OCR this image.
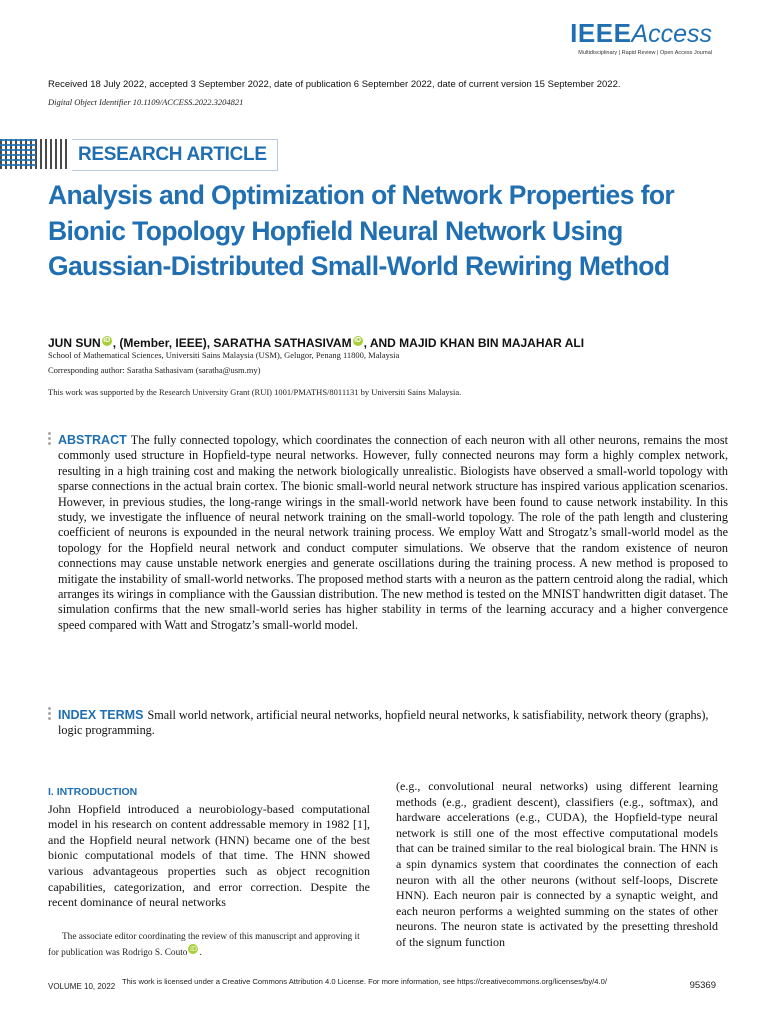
IEEEAccess
Multidisciplinary | Rapid Review | Open Access Journal
Received 18 July 2022, accepted 3 September 2022, date of publication 6 September 2022, date of current version 15 September 2022.
Digital Object Identifier 10.1109/ACCESS.2022.3204821
RESEARCH ARTICLE
Analysis and Optimization of Network Properties for Bionic Topology Hopfield Neural Network Using Gaussian-Distributed Small-World Rewiring Method
JUN SUN iD , (Member, IEEE), SARATHA SATHASIVAM iD , AND MAJID KHAN BIN MAJAHAR ALI
School of Mathematical Sciences, Universiti Sains Malaysia (USM), Gelugor, Penang 11800, Malaysia
Corresponding author: Saratha Sathasivam (saratha@usm.my)
This work was supported by the Research University Grant (RUI) 1001/PMATHS/8011131 by Universiti Sains Malaysia.
ABSTRACT The fully connected topology, which coordinates the connection of each neuron with all other neurons, remains the most commonly used structure in Hopfield-type neural networks. However, fully connected neurons may form a highly complex network, resulting in a high training cost and making the network biologically unrealistic. Biologists have observed a small-world topology with sparse connections in the actual brain cortex. The bionic small-world neural network structure has inspired various application scenarios. However, in previous studies, the long-range wirings in the small-world network have been found to cause network instability. In this study, we investigate the influence of neural network training on the small-world topology. The role of the path length and clustering coefficient of neurons is expounded in the neural network training process. We employ Watt and Strogatz’s small-world model as the topology for the Hopfield neural network and conduct computer simulations. We observe that the random existence of neuron connections may cause unstable network energies and generate oscillations during the training process. A new method is proposed to mitigate the instability of small-world networks. The proposed method starts with a neuron as the pattern centroid along the radial, which arranges its wirings in compliance with the Gaussian distribution. The new method is tested on the MNIST handwritten digit dataset. The simulation confirms that the new small-world series has higher stability in terms of the learning accuracy and a higher convergence speed compared with Watt and Strogatz’s small-world model.
INDEX TERMS Small world network, artificial neural networks, hopfield neural networks, k satisfiability, network theory (graphs), logic programming.
I. INTRODUCTION
John Hopfield introduced a neurobiology-based computational model in his research on content addressable memory in 1982 [1], and the Hopfield neural network (HNN) became one of the best bionic computational models of that time. The HNN showed various advantageous properties such as object recognition capabilities, categorization, and error correction. Despite the recent dominance of neural networks
The associate editor coordinating the review of this manuscript and approving it for publication was Rodrigo S. Couto iD .
(e.g., convolutional neural networks) using different learning methods (e.g., gradient descent), classifiers (e.g., softmax), and hardware accelerations (e.g., CUDA), the Hopfield-type neural network is still one of the most effective computational models that can be trained similar to the real biological brain. The HNN is a spin dynamics system that coordinates the connection of each neuron with all the other neurons (without self-loops, Discrete HNN). Each neuron pair is connected by a synaptic weight, and each neuron performs a weighted summing on the states of other neurons. The neuron state is activated by the presetting threshold of the signum function
VOLUME 10, 2022
This work is licensed under a Creative Commons Attribution 4.0 License. For more information, see https://creativecommons.org/licenses/by/4.0/	95369
